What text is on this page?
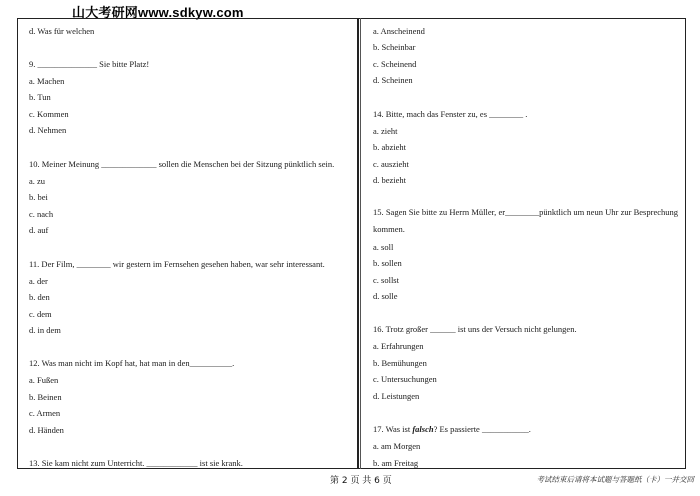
山大考研网www.sdkyw.com
d. Was für welchen
9. ______________ Sie bitte Platz!
a. Machen
b. Tun
c. Kommen
d. Nehmen
10. Meiner Meinung _____________ sollen die Menschen bei der Sitzung pünktlich sein.
a. zu
b. bei
c. nach
d. auf
11. Der Film, ________ wir gestern im Fernsehen gesehen haben, war sehr interessant.
a. der
b. den
c. dem
d. in dem
12. Was man nicht im Kopf hat, hat man in den__________.
a. Fußen
b. Beinen
c. Armen
d. Händen
13. Sie kam nicht zum Unterricht. ____________ ist sie krank.
a. Anscheinend
b. Scheinbar
c. Scheinend
d. Scheinen
14. Bitte, mach das Fenster zu, es ________ .
a. zieht
b. abzieht
c. auszieht
d. bezieht
15. Sagen Sie bitte zu Herrn Müller, er________pünktlich um neun Uhr zur Besprechung kommen.
a. soll
b. sollen
c. sollst
d. solle
16. Trotz großer ______ ist uns der Versuch nicht gelungen.
a. Erfahrungen
b. Bemühungen
c. Untersuchungen
d. Leistungen
17. Was ist falsch? Es passierte ___________.
a. am Morgen
b. am Freitag
第 2 页 共 6 页	考试结束后请将本试题与答题纸（卡）一并交回
